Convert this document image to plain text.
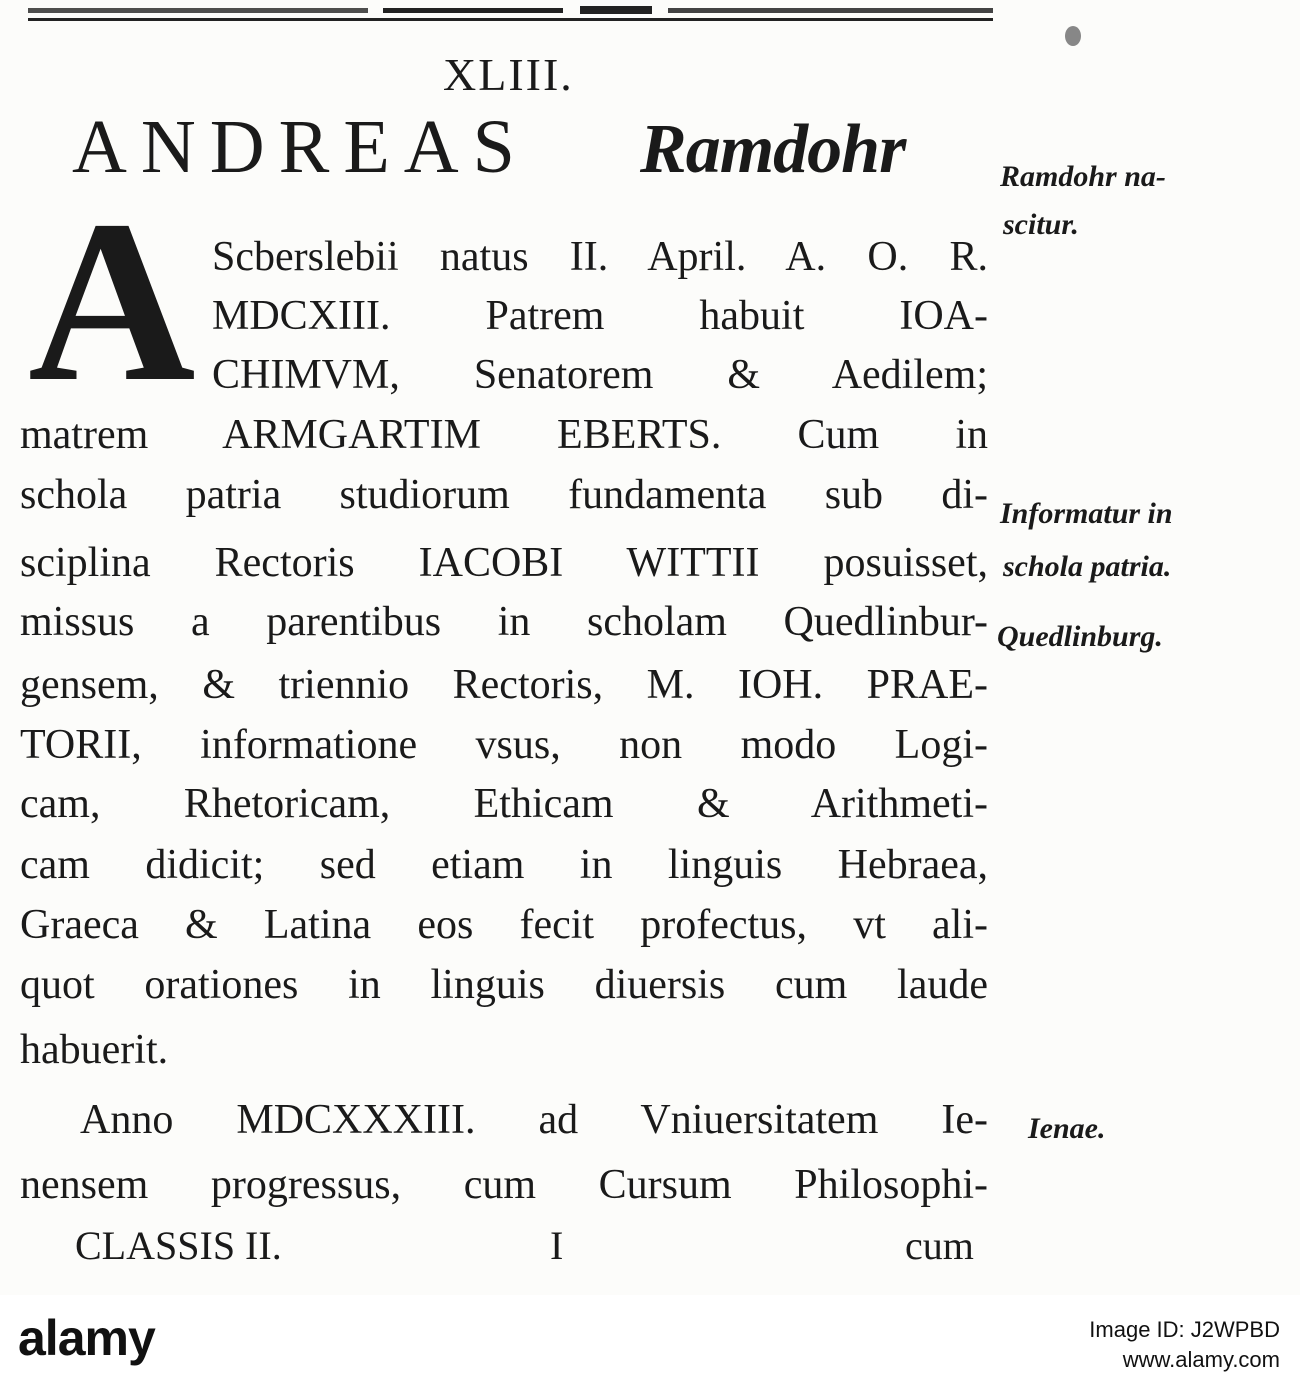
XLIII.
ANDREAS Ramdohr
A Scberslebii natus II. April. A. O. R.
MDCXIII. Patrem habuit IOA-
CHIMVM, Senatorem & Aedilem;
matrem ARMGARTIM EBERTS. Cum in
schola patria studiorum fundamenta sub di-
sciplina Rectoris IACOBI WITTII posuisset,
missus a parentibus in scholam Quedlinbur-
gensem, & triennio Rectoris, M. IOH. PRAE-
TORII, informatione vsus, non modo Logi-
cam, Rhetoricam, Ethicam & Arithmeti-
cam didicit; sed etiam in linguis Hebraea,
Graeca & Latina eos fecit profectus, vt ali-
quot orationes in linguis diuersis cum laude
habuerit.
Anno MDCXXXIII. ad Vniuersitatem Ie-
nensem progressus, cum Cursum Philosophi-
Ramdohr na-
scitur.
Informatur in
schola patria.
Quedlinburg.
Ienae.
CLASSIS II.	I	cum
alamy	Image ID: J2WPBD
www.alamy.com
